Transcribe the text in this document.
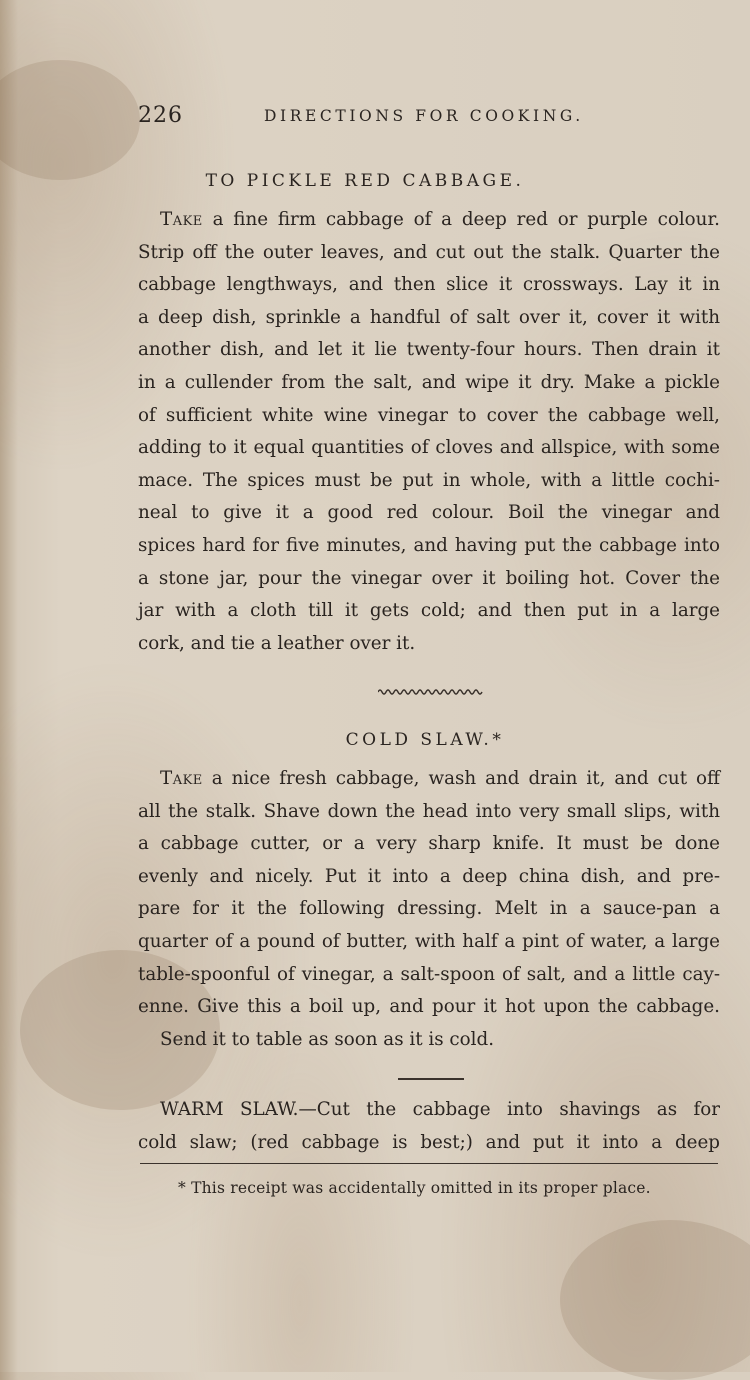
226	DIRECTIONS FOR COOKING.
TO PICKLE RED CABBAGE.
Take a fine firm cabbage of a deep red or purple colour.
Strip off the outer leaves, and cut out the stalk. Quarter the
cabbage lengthways, and then slice it crossways. Lay it in
a deep dish, sprinkle a handful of salt over it, cover it with
another dish, and let it lie twenty-four hours. Then drain it
in a cullender from the salt, and wipe it dry. Make a pickle
of sufficient white wine vinegar to cover the cabbage well,
adding to it equal quantities of cloves and allspice, with some
mace. The spices must be put in whole, with a little cochi-
neal to give it a good red colour. Boil the vinegar and
spices hard for five minutes, and having put the cabbage into
a stone jar, pour the vinegar over it boiling hot. Cover the
jar with a cloth till it gets cold; and then put in a large
cork, and tie a leather over it.
COLD SLAW.*
Take a nice fresh cabbage, wash and drain it, and cut off
all the stalk. Shave down the head into very small slips, with
a cabbage cutter, or a very sharp knife. It must be done
evenly and nicely. Put it into a deep china dish, and pre-
pare for it the following dressing. Melt in a sauce-pan a
quarter of a pound of butter, with half a pint of water, a large
table-spoonful of vinegar, a salt-spoon of salt, and a little cay-
enne. Give this a boil up, and pour it hot upon the cabbage.
Send it to table as soon as it is cold.
WARM SLAW.—Cut the cabbage into shavings as for
cold slaw; (red cabbage is best;) and put it into a deep
* This receipt was accidentally omitted in its proper place.
